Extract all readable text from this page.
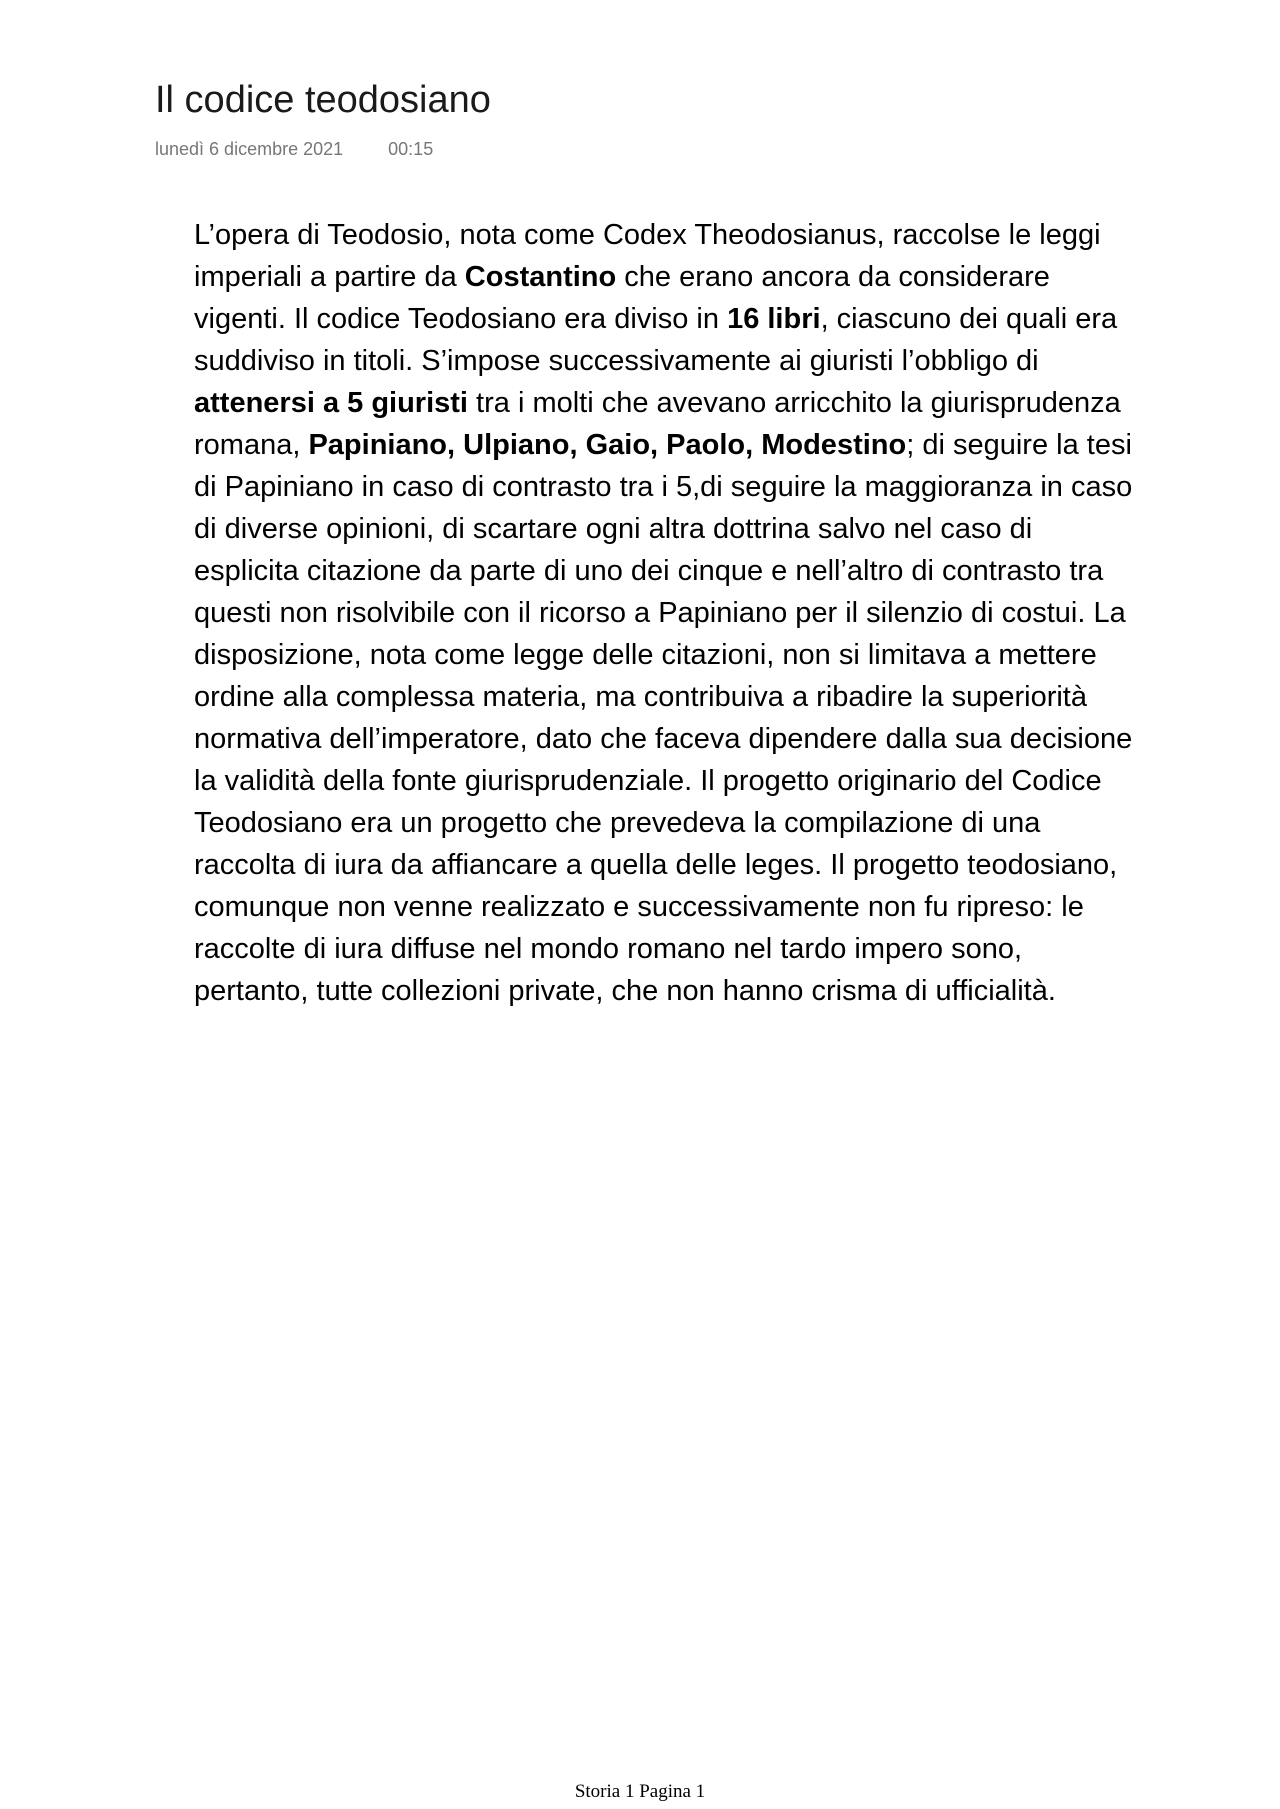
Il codice teodosiano
lunedì 6 dicembre 2021	00:15

L’opera di Teodosio, nota come Codex Theodosianus, raccolse le leggi imperiali a partire da Costantino che erano ancora da considerare vigenti. Il codice Teodosiano era diviso in 16 libri, ciascuno dei quali era suddiviso in titoli. S’impose successivamente ai giuristi l’obbligo di attenersi a 5 giuristi tra i molti che avevano arricchito la giurisprudenza romana, Papiniano, Ulpiano, Gaio, Paolo, Modestino; di seguire la tesi di Papiniano in caso di contrasto tra i 5,di seguire la maggioranza in caso di diverse opinioni, di scartare ogni altra dottrina salvo nel caso di esplicita citazione da parte di uno dei cinque e nell’altro di contrasto tra questi non risolvibile con il ricorso a Papiniano per il silenzio di costui. La disposizione, nota come legge delle citazioni, non si limitava a mettere ordine alla complessa materia, ma contribuiva a ribadire la superiorità normativa dell’imperatore, dato che faceva dipendere dalla sua decisione la validità della fonte giurisprudenziale. Il progetto originario del Codice Teodosiano era un progetto che prevedeva la compilazione di una raccolta di iura da affiancare a quella delle leges. Il progetto teodosiano, comunque non venne realizzato e successivamente non fu ripreso: le raccolte di iura diffuse nel mondo romano nel tardo impero sono, pertanto, tutte collezioni private, che non hanno crisma di ufficialità.

Storia 1 Pagina 1
